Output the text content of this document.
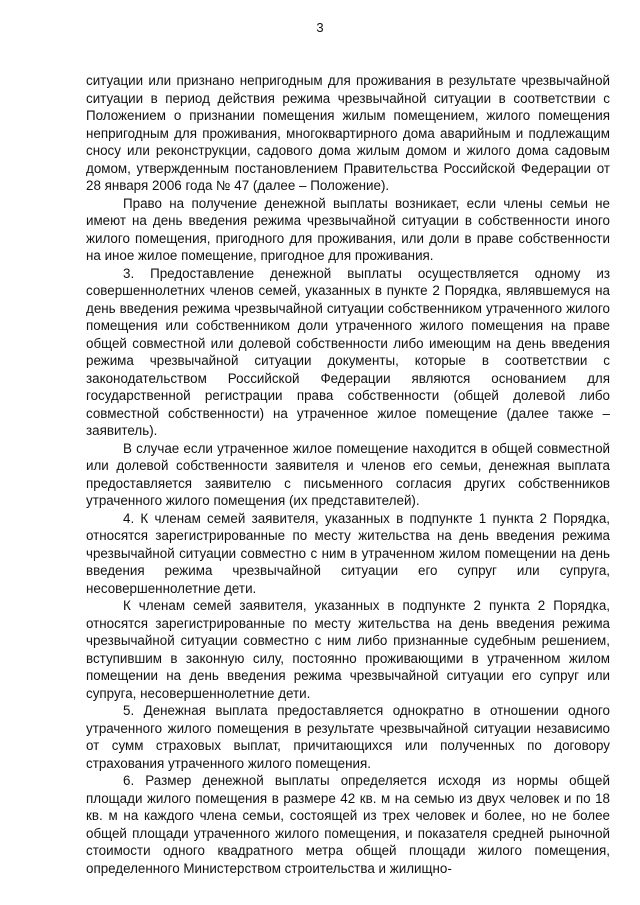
3

ситуации или признано непригодным для проживания в результате чрезвычайной ситуации в период действия режима чрезвычайной ситуации в соответствии с Положением о признании помещения жилым помещением, жилого помещения непригодным для проживания, многоквартирного дома аварийным и подлежащим сносу или реконструкции, садового дома жилым домом и жилого дома садовым домом, утвержденным постановлением Правительства Российской Федерации от 28 января 2006 года № 47 (далее – Положение).

Право на получение денежной выплаты возникает, если члены семьи не имеют на день введения режима чрезвычайной ситуации в собственности иного жилого помещения, пригодного для проживания, или доли в праве собственности на иное жилое помещение, пригодное для проживания.

3. Предоставление денежной выплаты осуществляется одному из совершеннолетних членов семей, указанных в пункте 2 Порядка, являвшемуся на день введения режима чрезвычайной ситуации собственником утраченного жилого помещения или собственником доли утраченного жилого помещения на праве общей совместной или долевой собственности либо имеющим на день введения режима чрезвычайной ситуации документы, которые в соответствии с законодательством Российской Федерации являются основанием для государственной регистрации права собственности (общей долевой либо совместной собственности) на утраченное жилое помещение (далее также – заявитель).

В случае если утраченное жилое помещение находится в общей совместной или долевой собственности заявителя и членов его семьи, денежная выплата предоставляется заявителю с письменного согласия других собственников утраченного жилого помещения (их представителей).

4. К членам семей заявителя, указанных в подпункте 1 пункта 2 Порядка, относятся зарегистрированные по месту жительства на день введения режима чрезвычайной ситуации совместно с ним в утраченном жилом помещении на день введения режима чрезвычайной ситуации его супруг или супруга, несовершеннолетние дети.

К членам семей заявителя, указанных в подпункте 2 пункта 2 Порядка, относятся зарегистрированные по месту жительства на день введения режима чрезвычайной ситуации совместно с ним либо признанные судебным решением, вступившим в законную силу, постоянно проживающими в утраченном жилом помещении на день введения режима чрезвычайной ситуации его супруг или супруга, несовершеннолетние дети.

5. Денежная выплата предоставляется однократно в отношении одного утраченного жилого помещения в результате чрезвычайной ситуации независимо от сумм страховых выплат, причитающихся или полученных по договору страхования утраченного жилого помещения.

6. Размер денежной выплаты определяется исходя из нормы общей площади жилого помещения в размере 42 кв. м на семью из двух человек и по 18 кв. м на каждого члена семьи, состоящей из трех человек и более, но не более общей площади утраченного жилого помещения, и показателя средней рыночной стоимости одного квадратного метра общей площади жилого помещения, определенного Министерством строительства и жилищно-
